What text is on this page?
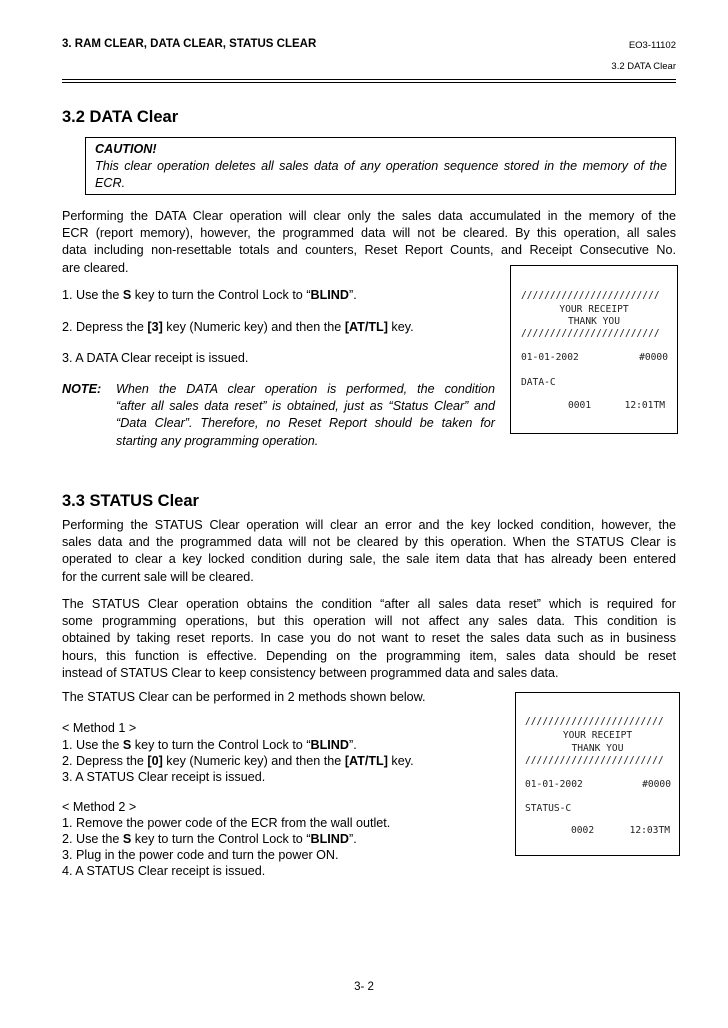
3. RAM CLEAR, DATA CLEAR, STATUS CLEAR	EO3-11102
3.2 DATA Clear
3.2 DATA Clear
CAUTION!
This clear operation deletes all sales data of any operation sequence stored in the memory of the
ECR.
Performing the DATA Clear operation will clear only the sales data accumulated in the memory of the
ECR (report memory), however, the programmed data will not be cleared. By this operation, all sales
data including non-resettable totals and counters, Reset Report Counts, and Receipt Consecutive No.
are cleared.
1. Use the S key to turn the Control Lock to “BLIND”.
2. Depress the [3] key (Numeric key) and then the [AT/TL] key.
3. A DATA Clear receipt is issued.
NOTE: When the DATA clear operation is performed, the condition
“after all sales data reset” is obtained, just as “Status Clear” and
“Data Clear”. Therefore, no Reset Report should be taken for
starting any programming operation.
////////////////////////
YOUR RECEIPT
THANK YOU
////////////////////////
01-01-2002	#0000
DATA-C
0001	12:01TM
3.3 STATUS Clear
Performing the STATUS Clear operation will clear an error and the key locked condition, however, the
sales data and the programmed data will not be cleared by this operation. When the STATUS Clear is
operated to clear a key locked condition during sale, the sale item data that has already been entered
for the current sale will be cleared.
The STATUS Clear operation obtains the condition “after all sales data reset” which is required for
some programming operations, but this operation will not affect any sales data. This condition is
obtained by taking reset reports. In case you do not want to reset the sales data such as in business
hours, this function is effective. Depending on the programming item, sales data should be reset
instead of STATUS Clear to keep consistency between programmed data and sales data.
The STATUS Clear can be performed in 2 methods shown below.
< Method 1 >
1. Use the S key to turn the Control Lock to “BLIND”.
2. Depress the [0] key (Numeric key) and then the [AT/TL] key.
3. A STATUS Clear receipt is issued.
< Method 2 >
1. Remove the power code of the ECR from the wall outlet.
2. Use the S key to turn the Control Lock to “BLIND”.
3. Plug in the power code and turn the power ON.
4. A STATUS Clear receipt is issued.
////////////////////////
YOUR RECEIPT
THANK YOU
////////////////////////
01-01-2002	#0000
STATUS-C
0002	12:03TM
3- 2
